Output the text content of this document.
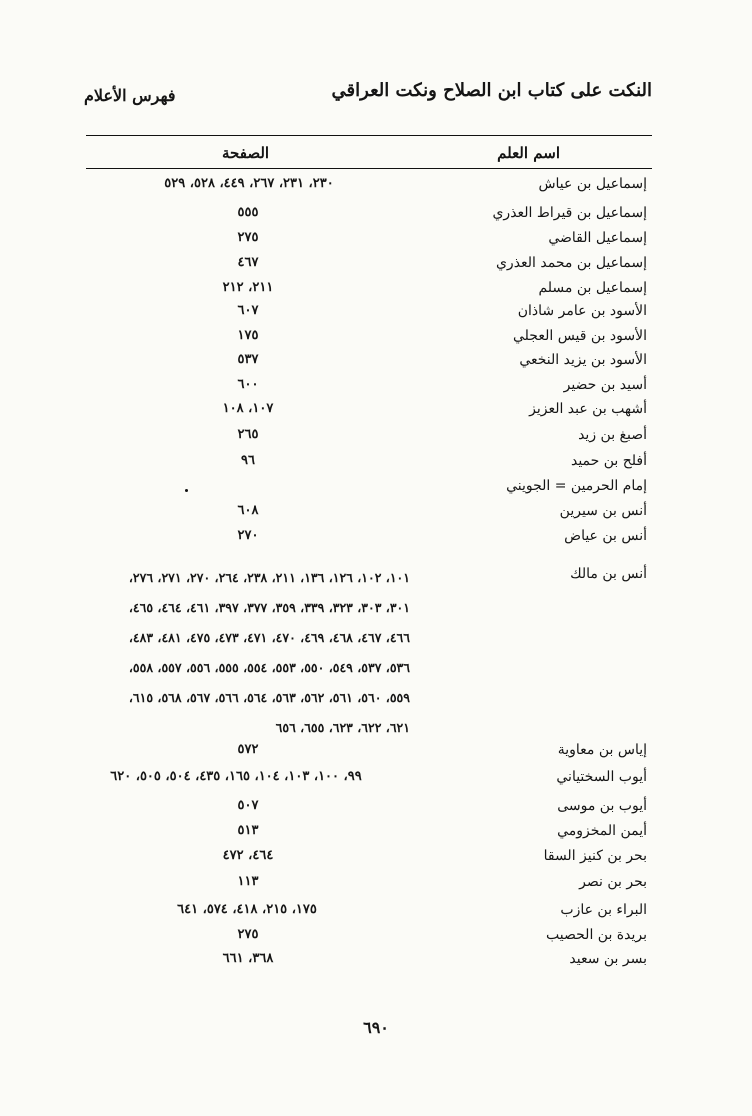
النكت على كتاب ابن الصلاح ونكت العراقي
فهرس الأعلام
اسم العلم
الصفحة
إسماعيل بن عياش
٢٣٠، ٢٣١، ٢٦٧، ٤٤٩، ٥٢٨، ٥٢٩
إسماعيل بن قيراط العذري
٥٥٥
إسماعيل القاضي
٢٧٥
إسماعيل بن محمد العذري
٤٦٧
إسماعيل بن مسلم
٢١١، ٢١٢
الأسود بن عامر شاذان
٦٠٧
الأسود بن قيس العجلي
١٧٥
الأسود بن يزيد النخعي
٥٣٧
أسيد بن حضير
٦٠٠
أشهب بن عبد العزيز
١٠٧، ١٠٨
أصبغ بن زيد
٢٦٥
أفلح بن حميد
٩٦
إمام الحرمين = الجويني
أنس بن سيرين
٦٠٨
أنس بن عياض
٢٧٠
أنس بن مالك
١٠١، ١٠٢، ١٢٦، ١٣٦، ٢١١، ٢٣٨، ٢٦٤، ٢٧٠، ٢٧١، ٢٧٦،
٣٠١، ٣٠٣، ٣٢٣، ٣٣٩، ٣٥٩، ٣٧٧، ٣٩٧، ٤٦١، ٤٦٤، ٤٦٥،
٤٦٦، ٤٦٧، ٤٦٨، ٤٦٩، ٤٧٠، ٤٧١، ٤٧٣، ٤٧٥، ٤٨١، ٤٨٣،
٥٣٦، ٥٣٧، ٥٤٩، ٥٥٠، ٥٥٣، ٥٥٤، ٥٥٥، ٥٥٦، ٥٥٧، ٥٥٨،
٥٥٩، ٥٦٠، ٥٦١، ٥٦٢، ٥٦٣، ٥٦٤، ٥٦٦، ٥٦٧، ٥٦٨، ٦١٥،
٦٢١، ٦٢٢، ٦٢٣، ٦٥٥، ٦٥٦
إياس بن معاوية
٥٧٢
أيوب السختياني
٩٩، ١٠٠، ١٠٣، ١٠٤، ١٦٥، ٤٣٥، ٥٠٤، ٥٠٥، ٦٢٠
أيوب بن موسى
٥٠٧
أيمن المخزومي
٥١٣
بحر بن كنيز السقا
٤٦٤، ٤٧٢
بحر بن نصر
١١٣
البراء بن عازب
١٧٥، ٢١٥، ٤١٨، ٥٧٤، ٦٤١
بريدة بن الحصيب
٢٧٥
بسر بن سعيد
٣٦٨، ٦٦١
٦٩٠
